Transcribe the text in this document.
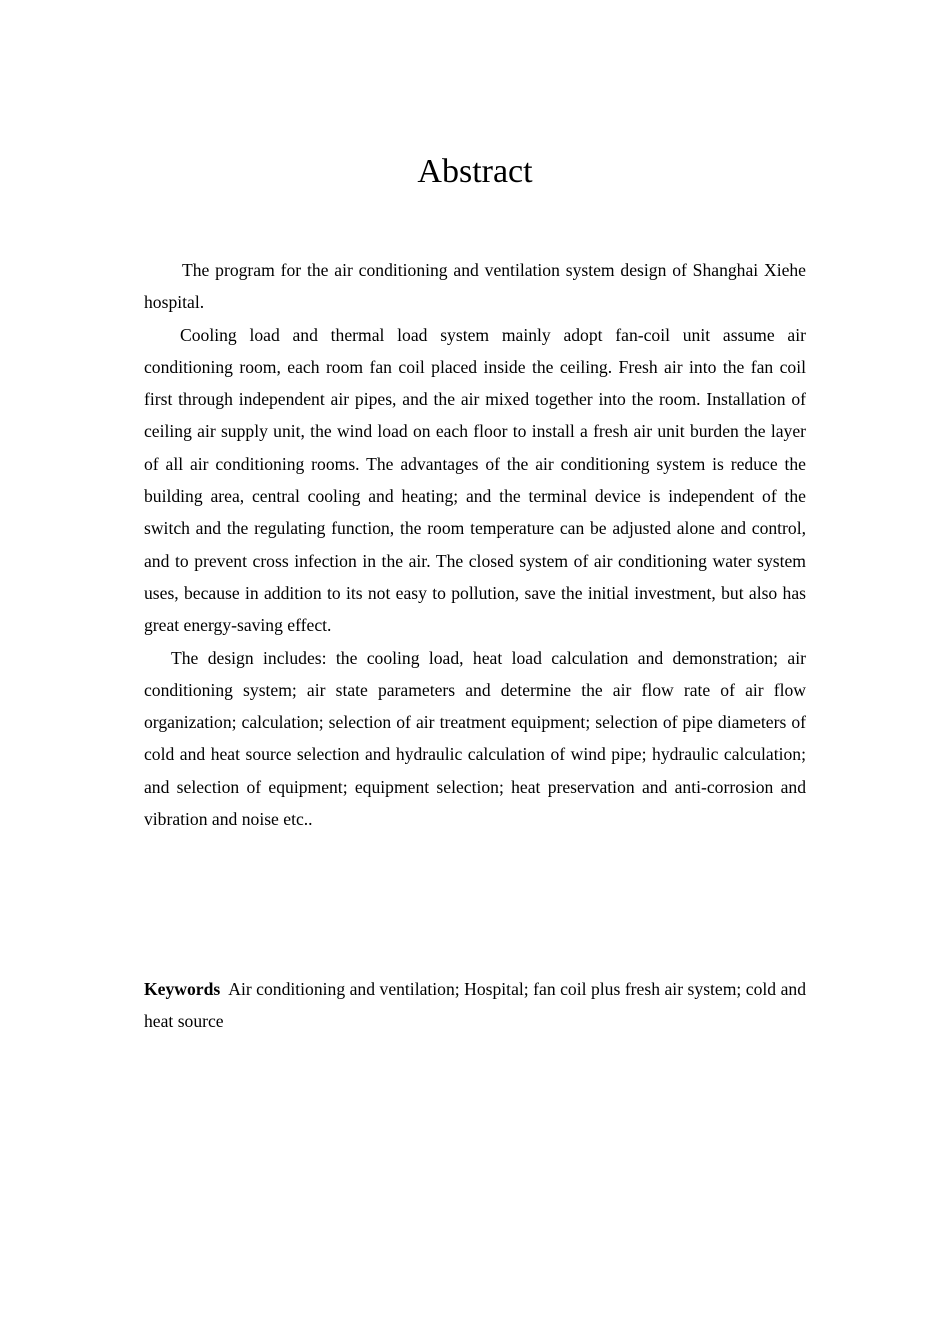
Abstract

The program for the air conditioning and ventilation system design of Shanghai Xiehe hospital.

Cooling load and thermal load system mainly adopt fan-coil unit assume air conditioning room, each room fan coil placed inside the ceiling. Fresh air into the fan coil first through independent air pipes, and the air mixed together into the room. Installation of ceiling air supply unit, the wind load on each floor to install a fresh air unit burden the layer of all air conditioning rooms. The advantages of the air conditioning system is reduce the building area, central cooling and heating; and the terminal device is independent of the switch and the regulating function, the room temperature can be adjusted alone and control, and to prevent cross infection in the air. The closed system of air conditioning water system uses, because in addition to its not easy to pollution, save the initial investment, but also has great energy-saving effect.

The design includes: the cooling load, heat load calculation and demonstration; air conditioning system; air state parameters and determine the air flow rate of air flow organization; calculation; selection of air treatment equipment; selection of pipe diameters of cold and heat source selection and hydraulic calculation of wind pipe; hydraulic calculation; and selection of equipment; equipment selection; heat preservation and anti-corrosion and vibration and noise etc..

Keywords Air conditioning and ventilation; Hospital; fan coil plus fresh air system; cold and heat source
